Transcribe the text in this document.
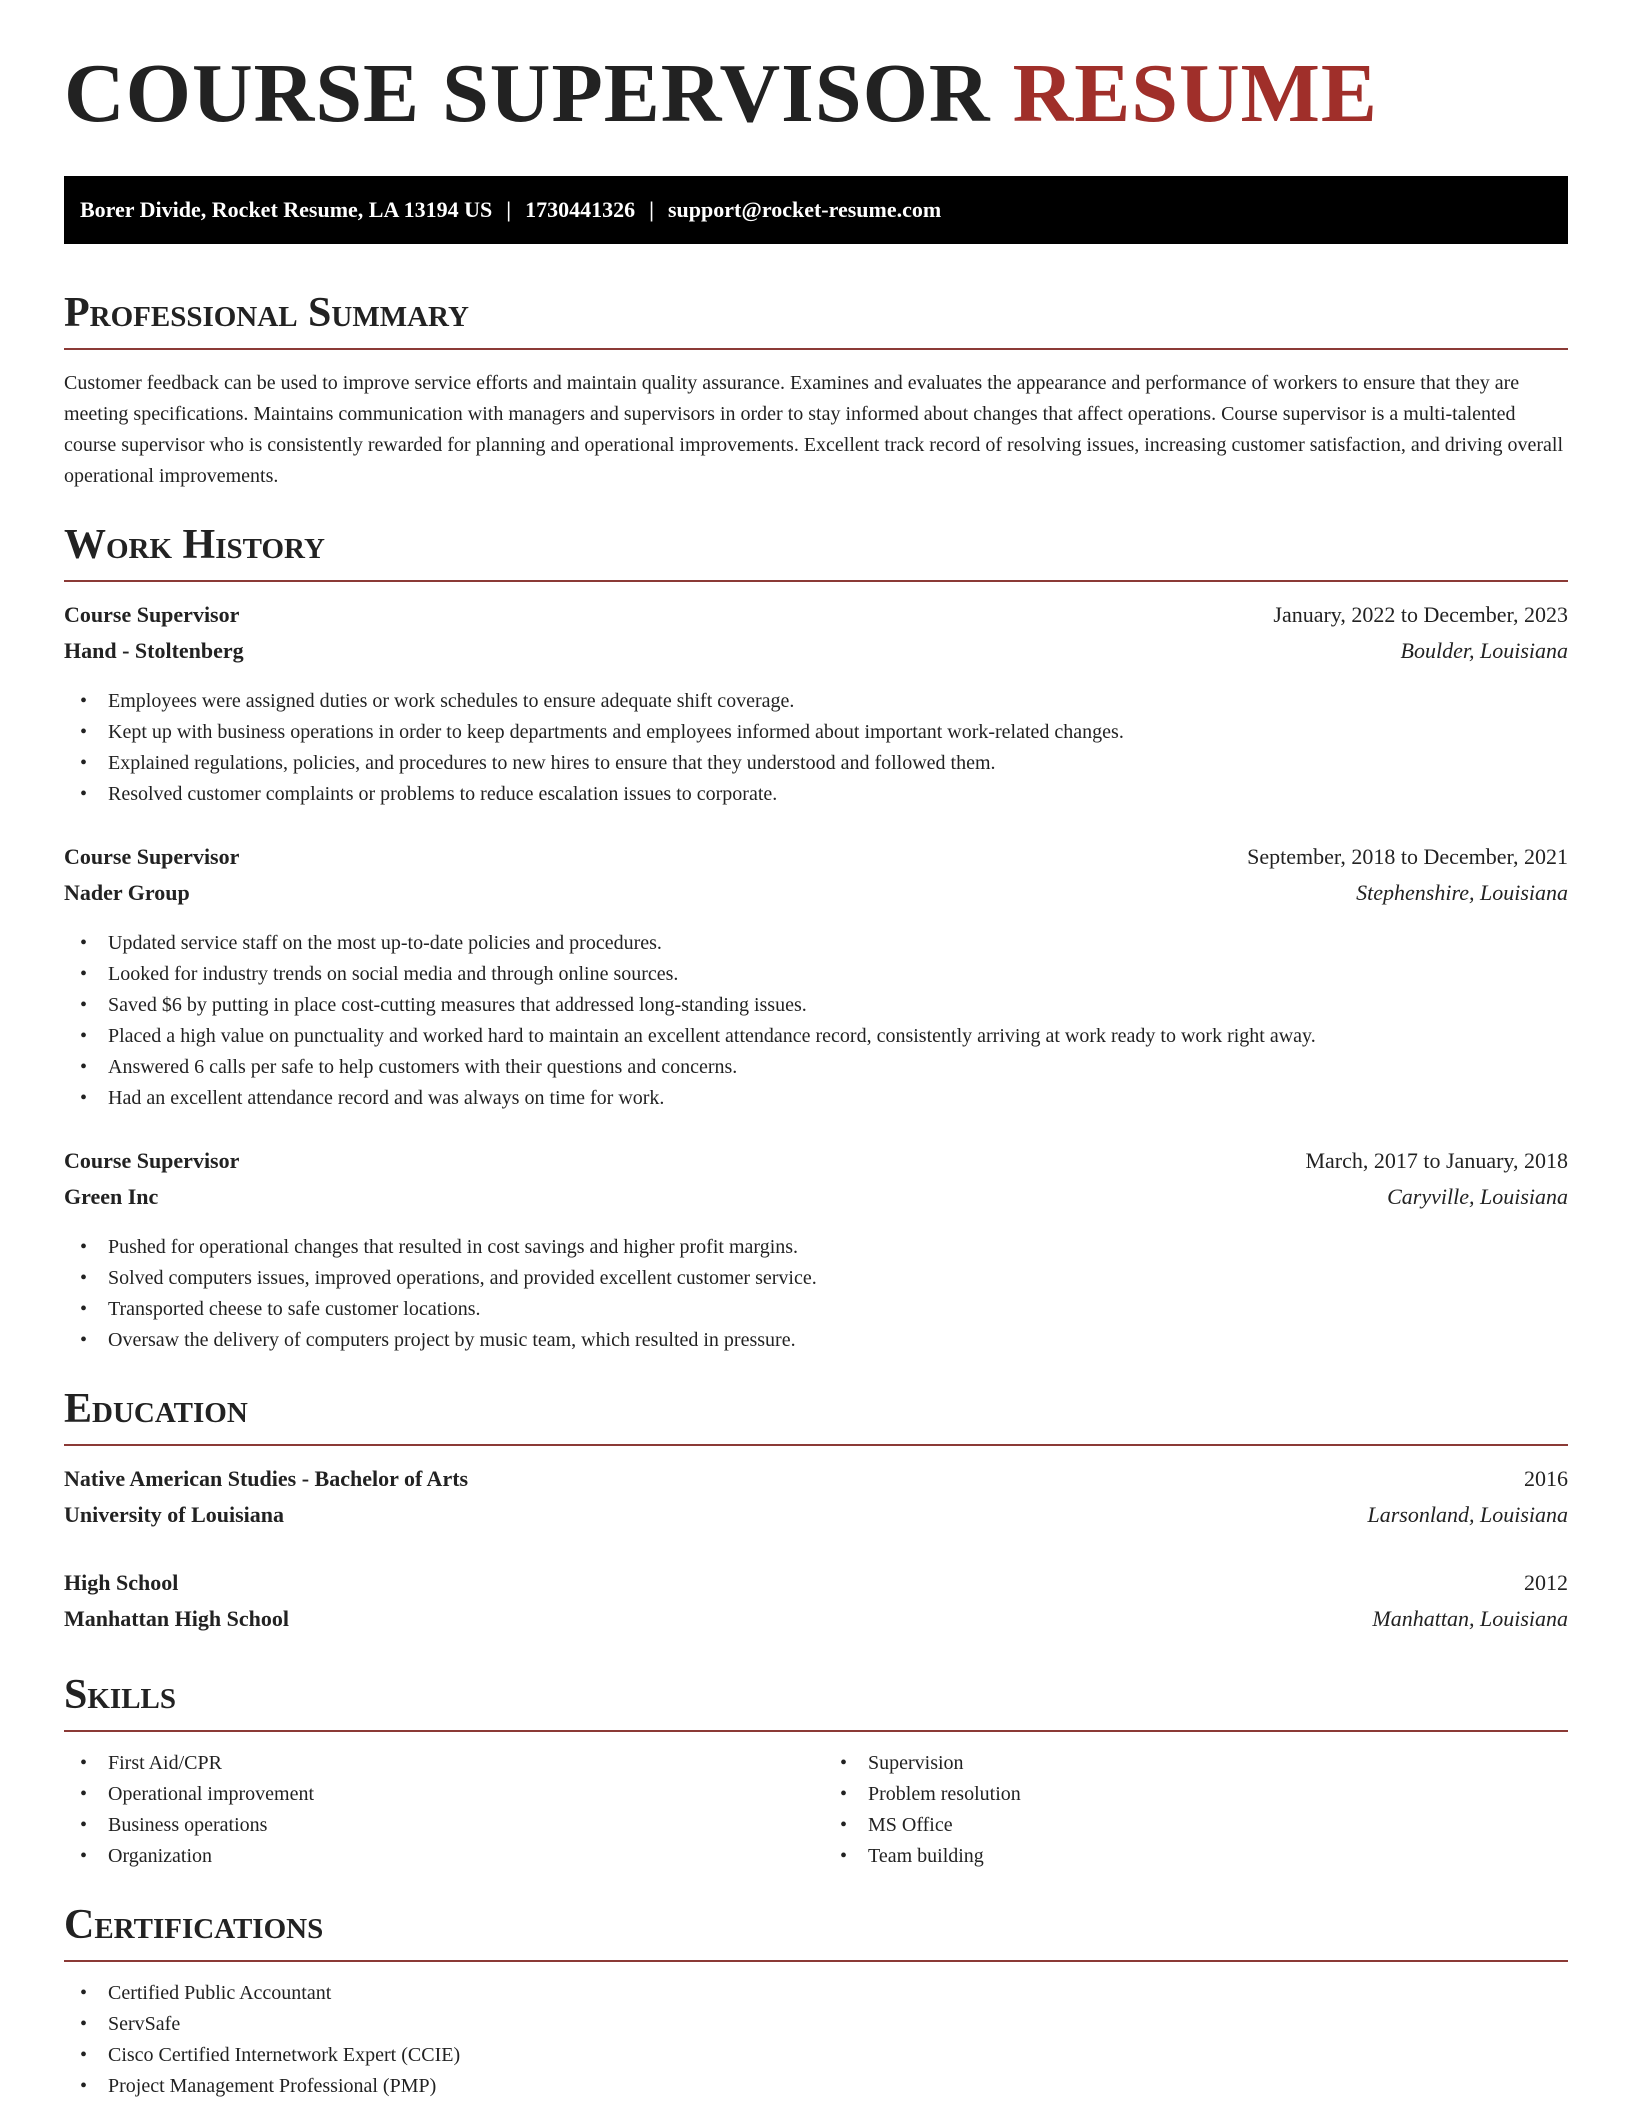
COURSE SUPERVISOR RESUME
Borer Divide, Rocket Resume, LA 13194 US | 1730441326 | support@rocket-resume.com
Professional Summary

Customer feedback can be used to improve service efforts and maintain quality assurance. Examines and evaluates the appearance and performance of workers to ensure that they are meeting specifications. Maintains communication with managers and supervisors in order to stay informed about changes that affect operations. Course supervisor is a multi-talented course supervisor who is consistently rewarded for planning and operational improvements. Excellent track record of resolving issues, increasing customer satisfaction, and driving overall operational improvements.

Work History
Course Supervisor	January, 2022 to December, 2023
Hand - Stoltenberg	Boulder, Louisiana
• Employees were assigned duties or work schedules to ensure adequate shift coverage.
• Kept up with business operations in order to keep departments and employees informed about important work-related changes.
• Explained regulations, policies, and procedures to new hires to ensure that they understood and followed them.
• Resolved customer complaints or problems to reduce escalation issues to corporate.
Course Supervisor	September, 2018 to December, 2021
Nader Group	Stephenshire, Louisiana
• Updated service staff on the most up-to-date policies and procedures.
• Looked for industry trends on social media and through online sources.
• Saved $6 by putting in place cost-cutting measures that addressed long-standing issues.
• Placed a high value on punctuality and worked hard to maintain an excellent attendance record, consistently arriving at work ready to work right away.
• Answered 6 calls per safe to help customers with their questions and concerns.
• Had an excellent attendance record and was always on time for work.
Course Supervisor	March, 2017 to January, 2018
Green Inc	Caryville, Louisiana
• Pushed for operational changes that resulted in cost savings and higher profit margins.
• Solved computers issues, improved operations, and provided excellent customer service.
• Transported cheese to safe customer locations.
• Oversaw the delivery of computers project by music team, which resulted in pressure.
Education
Native American Studies - Bachelor of Arts	2016
University of Louisiana	Larsonland, Louisiana
High School	2012
Manhattan High School	Manhattan, Louisiana
Skills
• First Aid/CPR
• Operational improvement
• Business operations
• Organization
• Supervision
• Problem resolution
• MS Office
• Team building
Certifications
• Certified Public Accountant
• ServSafe
• Cisco Certified Internetwork Expert (CCIE)
• Project Management Professional (PMP)
